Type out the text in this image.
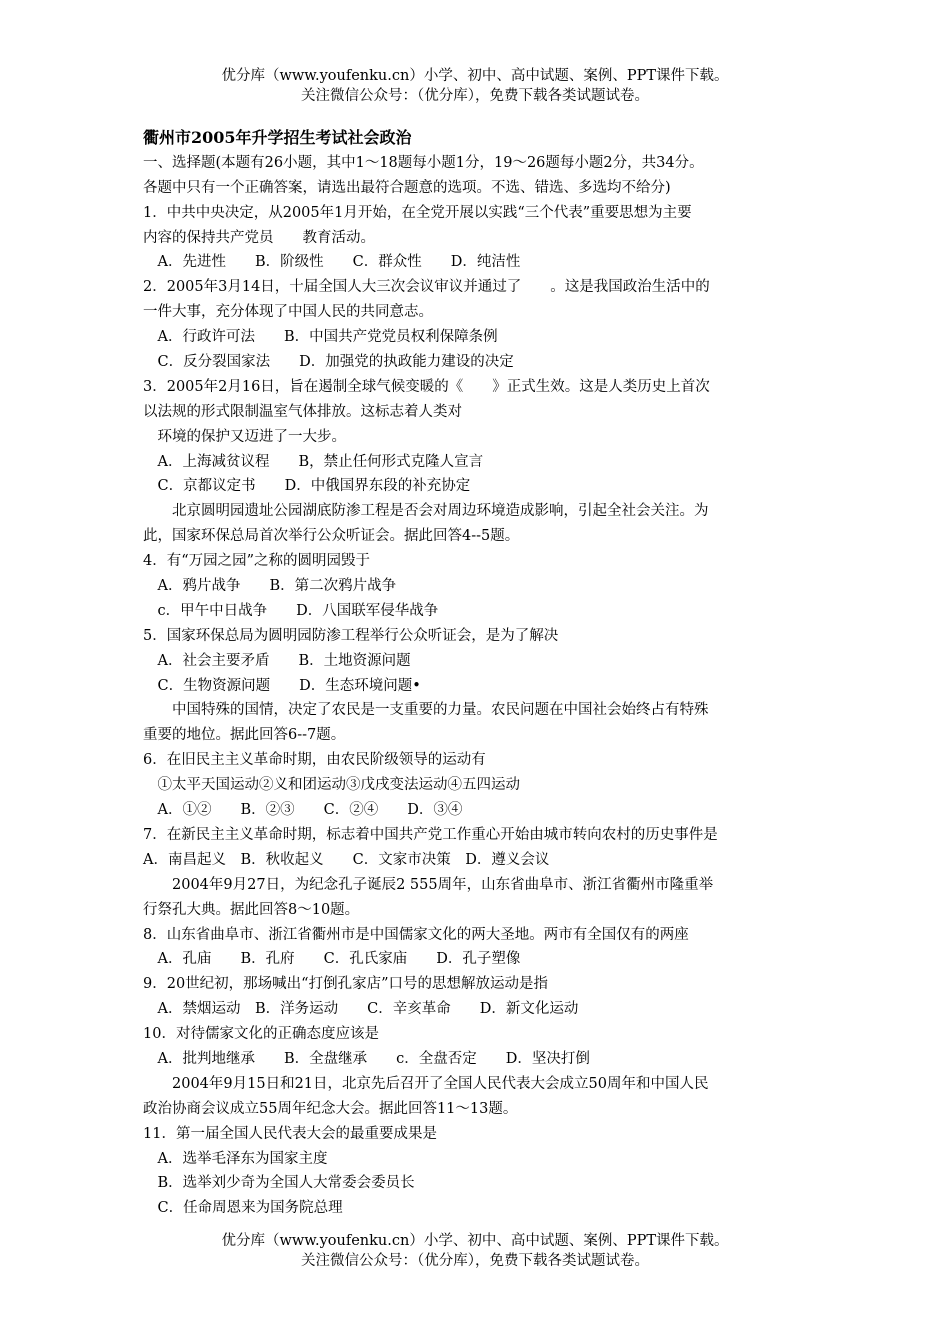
优分库（www.youfenku.cn）小学、初中、高中试题、案例、PPT课件下载。
关注微信公众号：（优分库），免费下载各类试题试卷。
衢州市2005年升学招生考试社会政治
一、选择题(本题有26小题，其中1～18题每小题1分，19～26题每小题2分，共34分。
各题中只有一个正确答案，请选出最符合题意的选项。不选、错选、多选均不给分)
1．中共中央决定，从2005年1月开始，在全党开展以实践“三个代表”重要思想为主要
内容的保持共产党员　　教育活动。
　A．先进性　　B．阶级性　　C．群众性　　D．纯洁性
2．2005年3月14日，十届全国人大三次会议审议并通过了　　。这是我国政治生活中的
一件大事，充分体现了中国人民的共同意志。
　A．行政许可法　　B．中国共产党党员权利保障条例
　C．反分裂国家法　　D．加强党的执政能力建设的决定
3．2005年2月16日，旨在遏制全球气候变暖的《　　》正式生效。这是人类历史上首次
以法规的形式限制温室气体排放。这标志着人类对
　环境的保护又迈进了一大步。
　A．上海减贫议程　　B，禁止任何形式克隆人宣言
　C．京都议定书　　D．中俄国界东段的补充协定
　　北京圆明园遗址公园湖底防渗工程是否会对周边环境造成影响，引起全社会关注。为
此，国家环保总局首次举行公众听证会。据此回答4--5题。
4．有“万园之园”之称的圆明园毁于
　A．鸦片战争　　B．第二次鸦片战争
　c．甲午中日战争　　D．八国联军侵华战争
5．国家环保总局为圆明园防渗工程举行公众听证会，是为了解决
　A．社会主要矛盾　　B．土地资源问题
　C．生物资源问题　　D．生态环境问题•
　　中国特殊的国情，决定了农民是一支重要的力量。农民问题在中国社会始终占有特殊
重要的地位。据此回答6--7题。
6．在旧民主主义革命时期，由农民阶级领导的运动有
　①太平天国运动②义和团运动③戊戌变法运动④五四运动
　A．①②　　B．②③　　C．②④　　D．③④
7．在新民主主义革命时期，标志着中国共产党工作重心开始由城市转向农村的历史事件是
A．南昌起义　B．秋收起义　　C．文家市决策　D．遵义会议
　　2004年9月27日，为纪念孔子诞辰2 555周年，山东省曲阜市、浙江省衢州市隆重举
行祭孔大典。据此回答8～10题。
8．山东省曲阜市、浙江省衢州市是中国儒家文化的两大圣地。两市有全国仅有的两座
　A．孔庙　　B．孔府　　C．孔氏家庙　　D．孔子塑像
9．20世纪初，那场喊出“打倒孔家店”口号的思想解放运动是指
　A．禁烟运动　B．洋务运动　　C．辛亥革命　　D．新文化运动
10．对待儒家文化的正确态度应该是
　A．批判地继承　　B．全盘继承　　c．全盘否定　　D．坚决打倒
　　2004年9月15日和21日，北京先后召开了全国人民代表大会成立50周年和中国人民
政治协商会议成立55周年纪念大会。据此回答11～13题。
11．第一届全国人民代表大会的最重要成果是
　A．选举毛泽东为国家主度
　B．选举刘少奇为全国人大常委会委员长
　C．任命周恩来为国务院总理
优分库（www.youfenku.cn）小学、初中、高中试题、案例、PPT课件下载。
关注微信公众号：（优分库），免费下载各类试题试卷。
